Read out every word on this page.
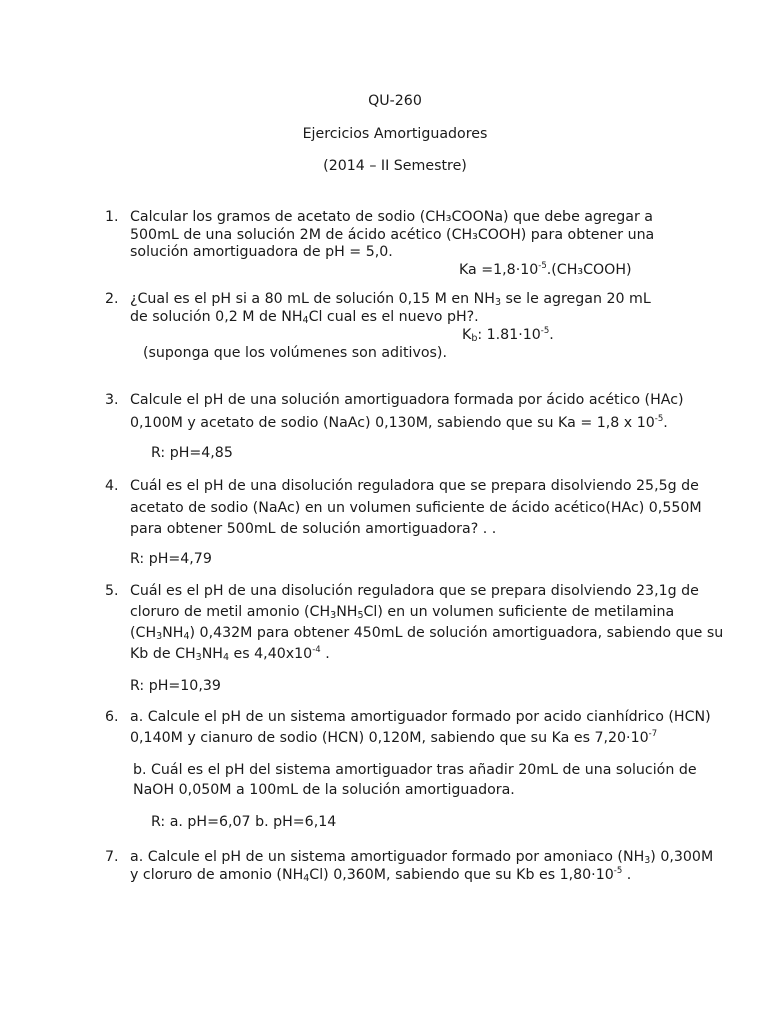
QU-260
Ejercicios Amortiguadores
(2014 – II Semestre)
1. Calcular los gramos de acetato de sodio (CH₃COONa) que debe agregar a
500mL de una solución 2M de ácido acético (CH₃COOH) para obtener una
solución amortiguadora de pH = 5,0.
$Ka =1,8\cdot 10^{-5}.(CH_3COOH)$
2. ¿Cual es el pH si a 80 mL de solución 0,15 M en $NH_3$ se le agregan 20 mL
de solución 0,2 M de $NH_4Cl$ cual es el nuevo pH?.
$K_b$: $1.81\cdot 10^{-5}$.
(suponga que los volúmenes son aditivos).
3. Calcule el pH de una solución amortiguadora formada por ácido acético (HAc)
0,100M y acetato de sodio (NaAc) 0,130M, sabiendo que su Ka = 1,8 x $10^{-5}$.
R: pH=4,85
4. Cuál es el pH de una disolución reguladora que se prepara disolviendo 25,5g de
acetato de sodio (NaAc) en un volumen suficiente de ácido acético(HAc) 0,550M
para obtener 500mL de solución amortiguadora? . .
R: pH=4,79
5. Cuál es el pH de una disolución reguladora que se prepara disolviendo 23,1g de
cloruro de metil amonio $(CH_3NH_5Cl)$ en un volumen suficiente de metilamina
$(CH_3NH_4)$ 0,432M para obtener 450mL de solución amortiguadora, sabiendo que su
Kb de $CH_3NH_4$ es $4,40x10^{-4}$ .
R: pH=10,39
6. a. Calcule el pH de un sistema amortiguador formado por acido cianhídrico (HCN)
0,140M y cianuro de sodio (HCN) 0,120M, sabiendo que su Ka es $7,20\cdot 10^{-7}$
b. Cuál es el pH del sistema amortiguador tras añadir 20mL de una solución de
NaOH 0,050M a 100mL de la solución amortiguadora.
R: a. pH=6,07 b. pH=6,14
7. a. Calcule el pH de un sistema amortiguador formado por amoniaco $(NH_3)$ 0,300M
y cloruro de amonio $(NH_4Cl)$ 0,360M, sabiendo que su Kb es $1,80\cdot 10^{-5}$ .
